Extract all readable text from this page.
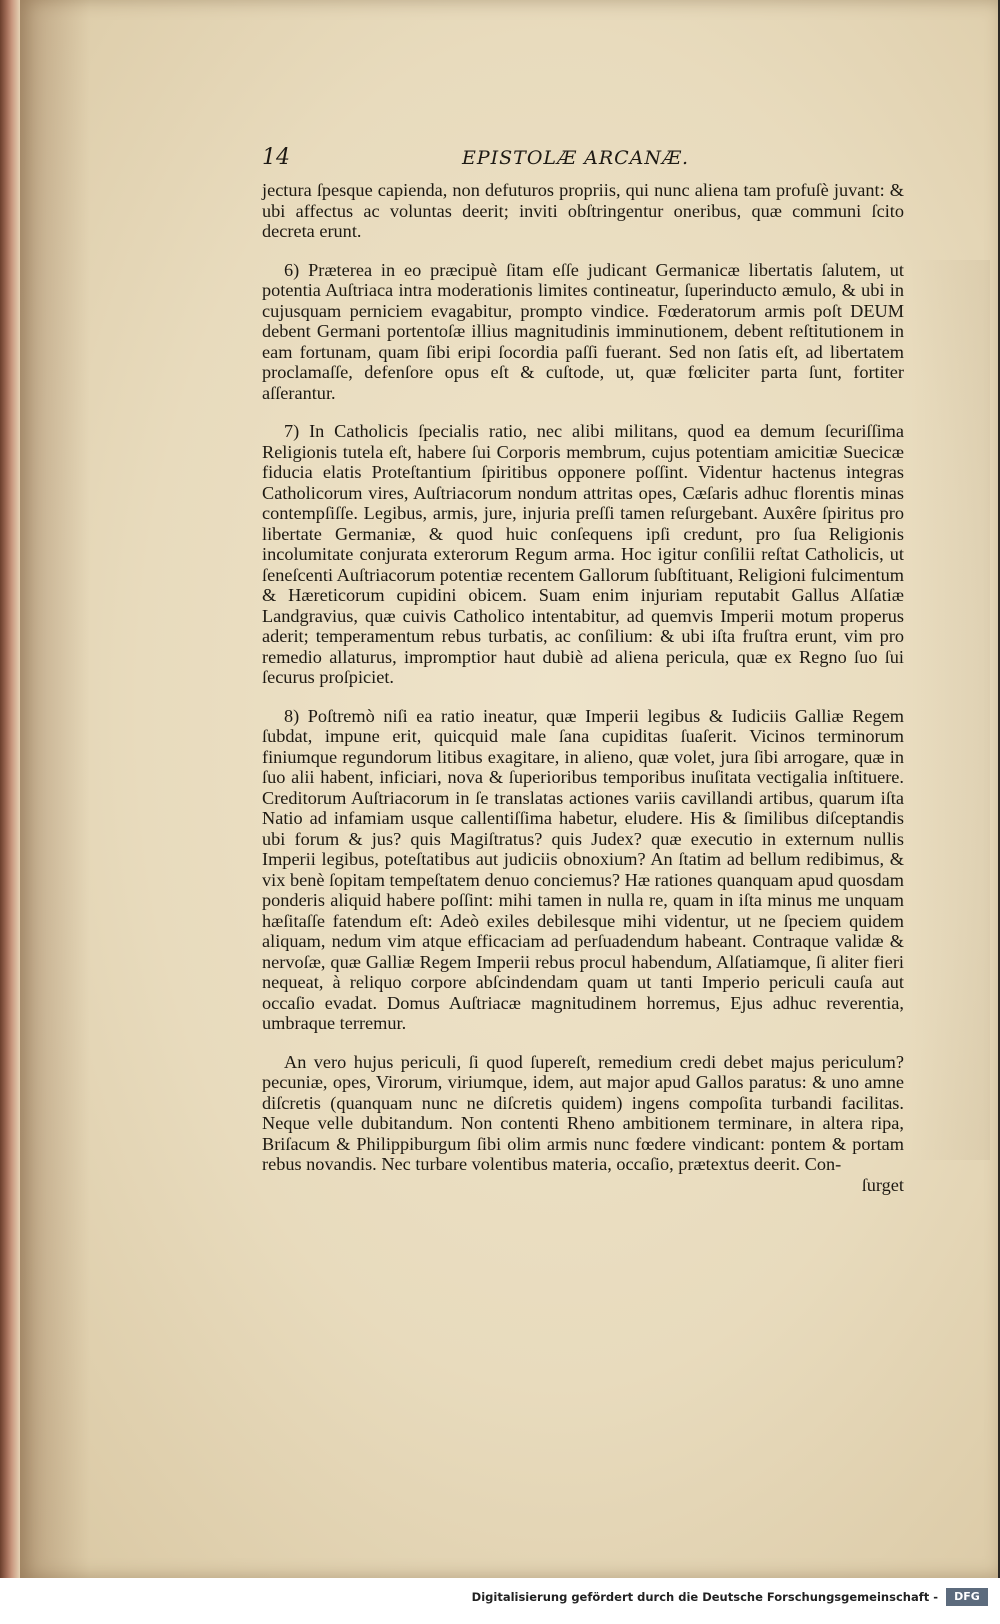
14	EPISTOLÆ ARCANÆ.

jectura ſpesque capienda, non defuturos propriis, qui nunc aliena tam profuſè juvant: & ubi affectus ac voluntas deerit; inviti obſtringentur oneribus, quæ communi ſcito decreta erunt.

6) Præterea in eo præcipuè ſitam eſſe judicant Germanicæ libertatis ſalutem, ut potentia Auſtriaca intra moderationis limites contineatur, ſuperinducto æmulo, & ubi in cujusquam perniciem evagabitur, prompto vindice. Fœderatorum armis poſt DEUM debent Germani portentoſæ illius magnitudinis imminutionem, debent reſtitutionem in eam fortunam, quam ſibi eripi ſocordia paſſi fuerant. Sed non ſatis eſt, ad libertatem proclamaſſe, defenſore opus eſt & cuſtode, ut, quæ fœliciter parta ſunt, fortiter aſſerantur.

7) In Catholicis ſpecialis ratio, nec alibi militans, quod ea demum ſecuriſſima Religionis tutela eſt, habere ſui Corporis membrum, cujus potentiam amicitiæ Suecicæ fiducia elatis Proteſtantium ſpiritibus opponere poſſint. Videntur hactenus integras Catholicorum vires, Auſtriacorum nondum attritas opes, Cæſaris adhuc florentis minas contempſiſſe. Legibus, armis, jure, injuria preſſi tamen reſurgebant. Auxêre ſpiritus pro libertate Germaniæ, & quod huic conſequens ipſi credunt, pro ſua Religionis incolumitate conjurata exterorum Regum arma. Hoc igitur conſilii reſtat Catholicis, ut ſeneſcenti Auſtriacorum potentiæ recentem Gallorum ſubſtituant, Religioni fulcimentum & Hæreticorum cupidini obicem. Suam enim injuriam reputabit Gallus Alſatiæ Landgravius, quæ cuivis Catholico intentabitur, ad quemvis Imperii motum properus aderit; temperamentum rebus turbatis, ac conſilium: & ubi iſta fruſtra erunt, vim pro remedio allaturus, impromptior haut dubiè ad aliena pericula, quæ ex Regno ſuo ſui ſecurus proſpiciet.

8) Poſtremò niſi ea ratio ineatur, quæ Imperii legibus & Iudiciis Galliæ Regem ſubdat, impune erit, quicquid male ſana cupiditas ſuaſerit. Vicinos terminorum finiumque regundorum litibus exagitare, in alieno, quæ volet, jura ſibi arrogare, quæ in ſuo alii habent, inficiari, nova & ſuperioribus temporibus inuſitata vectigalia inſtituere. Creditorum Auſtriacorum in ſe translatas actiones variis cavillandi artibus, quarum iſta Natio ad infamiam usque callentiſſima habetur, eludere. His & ſimilibus diſceptandis ubi forum & jus? quis Magiſtratus? quis Judex? quæ executio in externum nullis Imperii legibus, poteſtatibus aut judiciis obnoxium? An ſtatim ad bellum redibimus, & vix benè ſopitam tempeſtatem denuo conciemus? Hæ rationes quanquam apud quosdam ponderis aliquid habere poſſint: mihi tamen in nulla re, quam in iſta minus me unquam hæſitaſſe fatendum eſt: Adeò exiles debilesque mihi videntur, ut ne ſpeciem quidem aliquam, nedum vim atque efficaciam ad perſuadendum habeant. Contraque validæ & nervoſæ, quæ Galliæ Regem Imperii rebus procul habendum, Alſatiamque, ſi aliter fieri nequeat, à reliquo corpore abſcindendam quam ut tanti Imperio periculi cauſa aut occaſio evadat. Domus Auſtriacæ magnitudinem horremus, Ejus adhuc reverentia, umbraque terremur.

An vero hujus periculi, ſi quod ſupereſt, remedium credi debet majus periculum? pecuniæ, opes, Virorum, viriumque, idem, aut major apud Gallos paratus: & uno amne diſcretis (quanquam nunc ne diſcretis quidem) ingens compoſita turbandi facilitas. Neque velle dubitandum. Non contenti Rheno ambitionem terminare, in altera ripa, Briſacum & Philippiburgum ſibi olim armis nunc fœdere vindicant: pontem & portam rebus novandis. Nec turbare volentibus materia, occaſio, prætextus deerit. Con-

ſurget
Digitalisierung gefördert durch die Deutsche Forschungsgemeinschaft -	DFG
